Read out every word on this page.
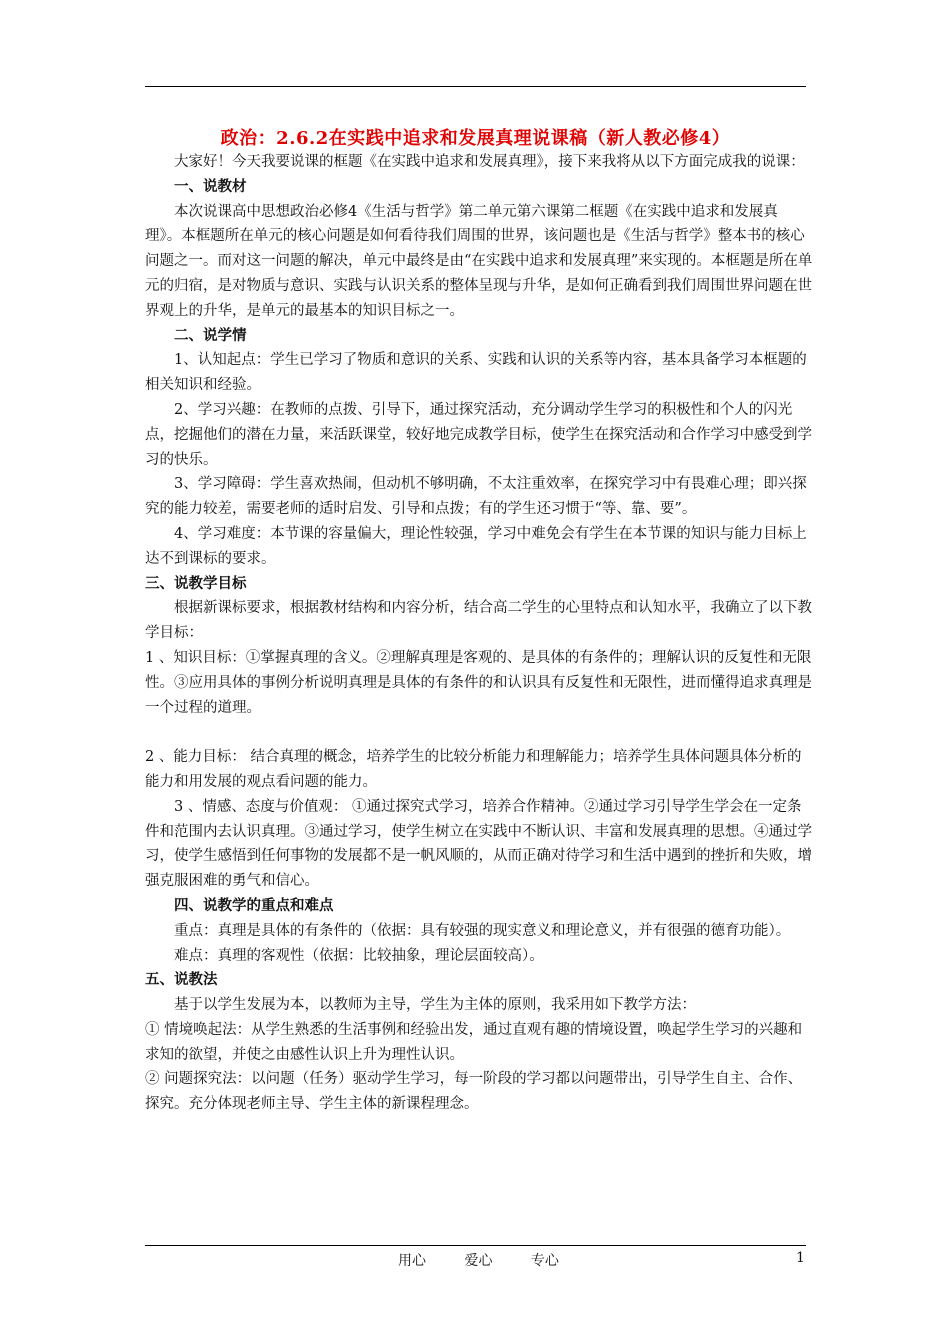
政治：2.6.2在实践中追求和发展真理说课稿（新人教必修4）

大家好！今天我要说课的框题《在实践中追求和发展真理》，接下来我将从以下方面完成我的说课：

一、说教材

本次说课高中思想政治必修4《生活与哲学》第二单元第六课第二框题《在实践中追求和发展真理》。本框题所在单元的核心问题是如何看待我们周围的世界，该问题也是《生活与哲学》整本书的核心问题之一。而对这一问题的解决，单元中最终是由“在实践中追求和发展真理”来实现的。本框题是所在单元的归宿，是对物质与意识、实践与认识关系的整体呈现与升华，是如何正确看到我们周围世界问题在世界观上的升华，是单元的最基本的知识目标之一。

二、说学情

1、认知起点：学生已学习了物质和意识的关系、实践和认识的关系等内容，基本具备学习本框题的相关知识和经验。

2、学习兴趣：在教师的点拨、引导下，通过探究活动，充分调动学生学习的积极性和个人的闪光点，挖掘他们的潜在力量，来活跃课堂，较好地完成教学目标，使学生在探究活动和合作学习中感受到学习的快乐。

3、学习障碍：学生喜欢热闹，但动机不够明确，不太注重效率，在探究学习中有畏难心理；即兴探究的能力较差，需要老师的适时启发、引导和点拨；有的学生还习惯于“等、靠、要”。

4、学习难度：本节课的容量偏大，理论性较强，学习中难免会有学生在本节课的知识与能力目标上达不到课标的要求。

三、说教学目标

根据新课标要求，根据教材结构和内容分析，结合高二学生的心里特点和认知水平，我确立了以下教学目标：

1 、知识目标：①掌握真理的含义。②理解真理是客观的、是具体的有条件的；理解认识的反复性和无限性。③应用具体的事例分析说明真理是具体的有条件的和认识具有反复性和无限性，进而懂得追求真理是一个过程的道理。

2 、能力目标： 结合真理的概念，培养学生的比较分析能力和理解能力；培养学生具体问题具体分析的能力和用发展的观点看问题的能力。

3 、情感、态度与价值观： ①通过探究式学习，培养合作精神。②通过学习引导学生学会在一定条件和范围内去认识真理。③通过学习，使学生树立在实践中不断认识、丰富和发展真理的思想。④通过学习，使学生感悟到任何事物的发展都不是一帆风顺的，从而正确对待学习和生活中遇到的挫折和失败，增强克服困难的勇气和信心。

四、说教学的重点和难点

重点：真理是具体的有条件的（依据：具有较强的现实意义和理论意义，并有很强的德育功能）。

难点：真理的客观性（依据：比较抽象，理论层面较高）。

五、说教法

基于以学生发展为本，以教师为主导，学生为主体的原则，我采用如下教学方法：

① 情境唤起法：从学生熟悉的生活事例和经验出发，通过直观有趣的情境设置，唤起学生学习的兴趣和求知的欲望，并使之由感性认识上升为理性认识。

② 问题探究法：以问题（任务）驱动学生学习，每一阶段的学习都以问题带出，引导学生自主、合作、探究。充分体现老师主导、学生主体的新课程理念。

用心	爱心	专心	1
